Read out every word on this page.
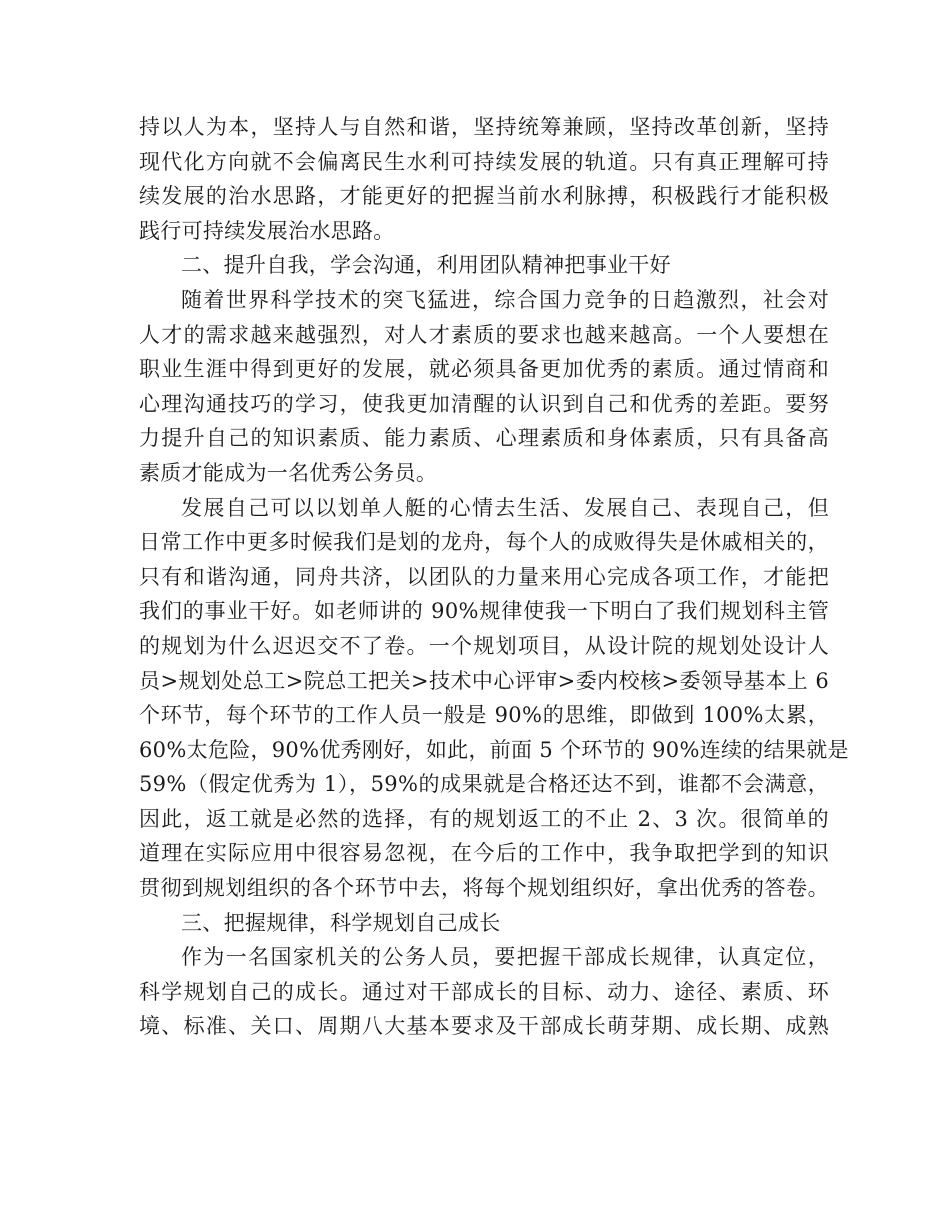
持以人为本，坚持人与自然和谐，坚持统筹兼顾，坚持改革创新，坚持
现代化方向就不会偏离民生水利可持续发展的轨道。只有真正理解可持
续发展的治水思路，才能更好的把握当前水利脉搏，积极践行才能积极
践行可持续发展治水思路。
二、提升自我，学会沟通，利用团队精神把事业干好
随着世界科学技术的突飞猛进，综合国力竞争的日趋激烈，社会对
人才的需求越来越强烈，对人才素质的要求也越来越高。一个人要想在
职业生涯中得到更好的发展，就必须具备更加优秀的素质。通过情商和
心理沟通技巧的学习，使我更加清醒的认识到自己和优秀的差距。要努
力提升自己的知识素质、能力素质、心理素质和身体素质，只有具备高
素质才能成为一名优秀公务员。
发展自己可以以划单人艇的心情去生活、发展自己、表现自己，但
日常工作中更多时候我们是划的龙舟，每个人的成败得失是休戚相关的，
只有和谐沟通，同舟共济，以团队的力量来用心完成各项工作，才能把
我们的事业干好。如老师讲的 90%规律使我一下明白了我们规划科主管
的规划为什么迟迟交不了卷。一个规划项目，从设计院的规划处设计人
员>规划处总工>院总工把关>技术中心评审>委内校核>委领导基本上 6
个环节，每个环节的工作人员一般是 90%的思维，即做到 100%太累，
60%太危险，90%优秀刚好，如此，前面 5 个环节的 90%连续的结果就是
59%（假定优秀为 1），59%的成果就是合格还达不到，谁都不会满意，
因此，返工就是必然的选择，有的规划返工的不止 2、3 次。很简单的
道理在实际应用中很容易忽视，在今后的工作中，我争取把学到的知识
贯彻到规划组织的各个环节中去，将每个规划组织好，拿出优秀的答卷。
三、把握规律，科学规划自己成长
作为一名国家机关的公务人员，要把握干部成长规律，认真定位，
科学规划自己的成长。通过对干部成长的目标、动力、途径、素质、环
境、标准、关口、周期八大基本要求及干部成长萌芽期、成长期、成熟
